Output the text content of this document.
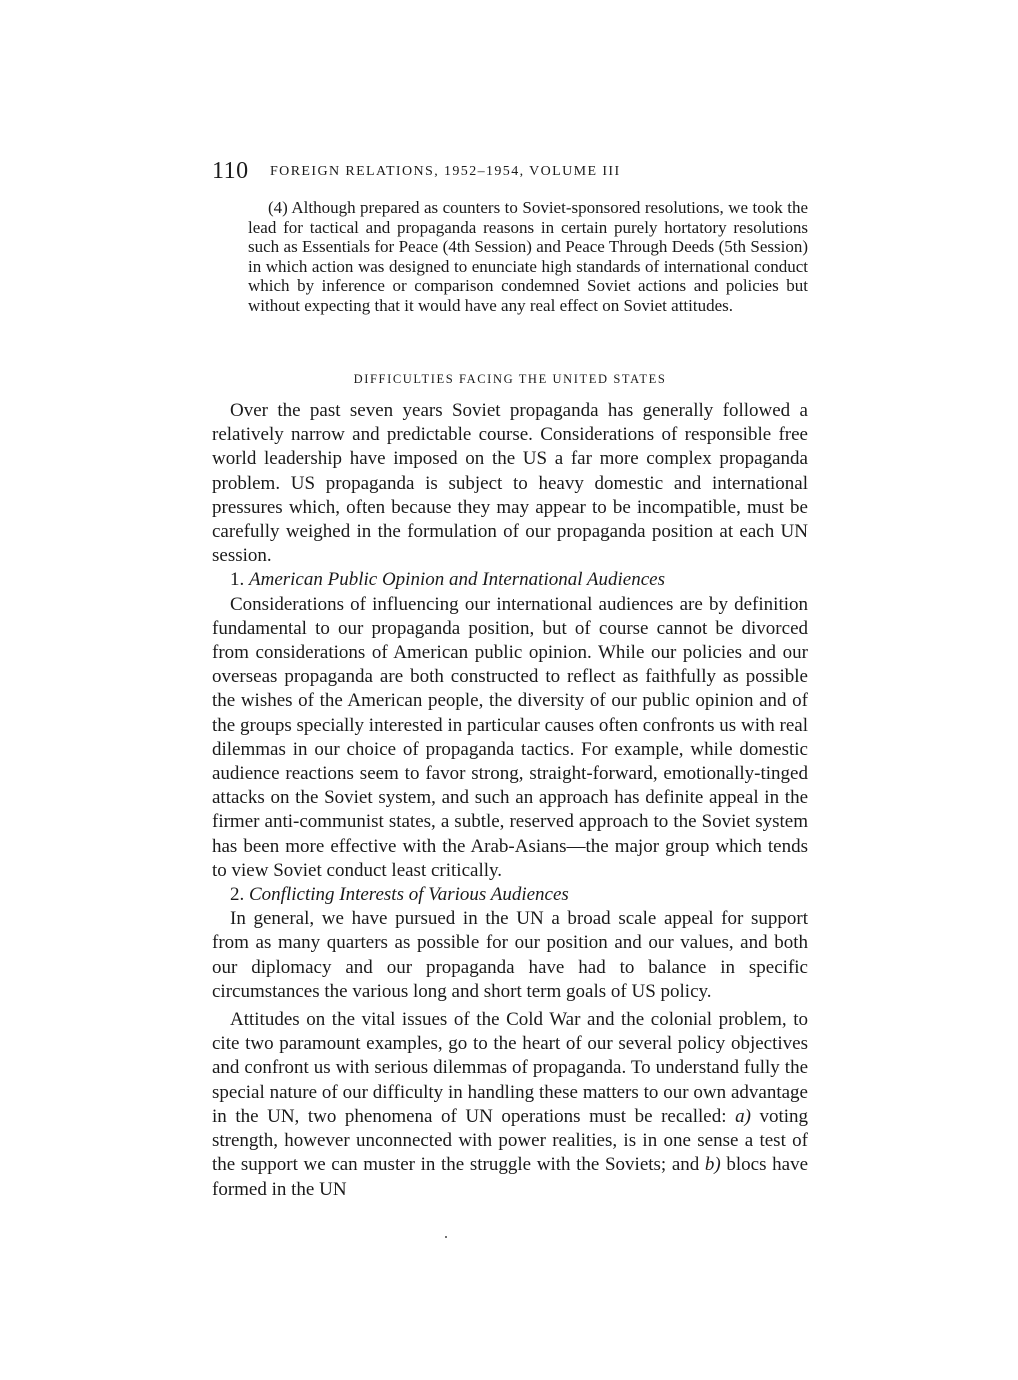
110 FOREIGN RELATIONS, 1952–1954, VOLUME III

(4) Although prepared as counters to Soviet-sponsored resolutions, we took the lead for tactical and propaganda reasons in certain purely hortatory resolutions such as Essentials for Peace (4th Session) and Peace Through Deeds (5th Session) in which action was designed to enunciate high standards of international conduct which by inference or comparison condemned Soviet actions and policies but without expecting that it would have any real effect on Soviet attitudes.

DIFFICULTIES FACING THE UNITED STATES

Over the past seven years Soviet propaganda has generally followed a relatively narrow and predictable course. Considerations of responsible free world leadership have imposed on the US a far more complex propaganda problem. US propaganda is subject to heavy domestic and international pressures which, often because they may appear to be incompatible, must be carefully weighed in the formulation of our propaganda position at each UN session.

1. American Public Opinion and International Audiences

Considerations of influencing our international audiences are by definition fundamental to our propaganda position, but of course cannot be divorced from considerations of American public opinion. While our policies and our overseas propaganda are both constructed to reflect as faithfully as possible the wishes of the American people, the diversity of our public opinion and of the groups specially interested in particular causes often confronts us with real dilemmas in our choice of propaganda tactics. For example, while domestic audience reactions seem to favor strong, straight-forward, emotionally-tinged attacks on the Soviet system, and such an approach has definite appeal in the firmer anti-communist states, a subtle, reserved approach to the Soviet system has been more effective with the Arab-Asians—the major group which tends to view Soviet conduct least critically.

2. Conflicting Interests of Various Audiences

In general, we have pursued in the UN a broad scale appeal for support from as many quarters as possible for our position and our values, and both our diplomacy and our propaganda have had to balance in specific circumstances the various long and short term goals of US policy.

Attitudes on the vital issues of the Cold War and the colonial problem, to cite two paramount examples, go to the heart of our several policy objectives and confront us with serious dilemmas of propaganda. To understand fully the special nature of our difficulty in handling these matters to our own advantage in the UN, two phenomena of UN operations must be recalled: a) voting strength, however unconnected with power realities, is in one sense a test of the support we can muster in the struggle with the Soviets; and b) blocs have formed in the UN
